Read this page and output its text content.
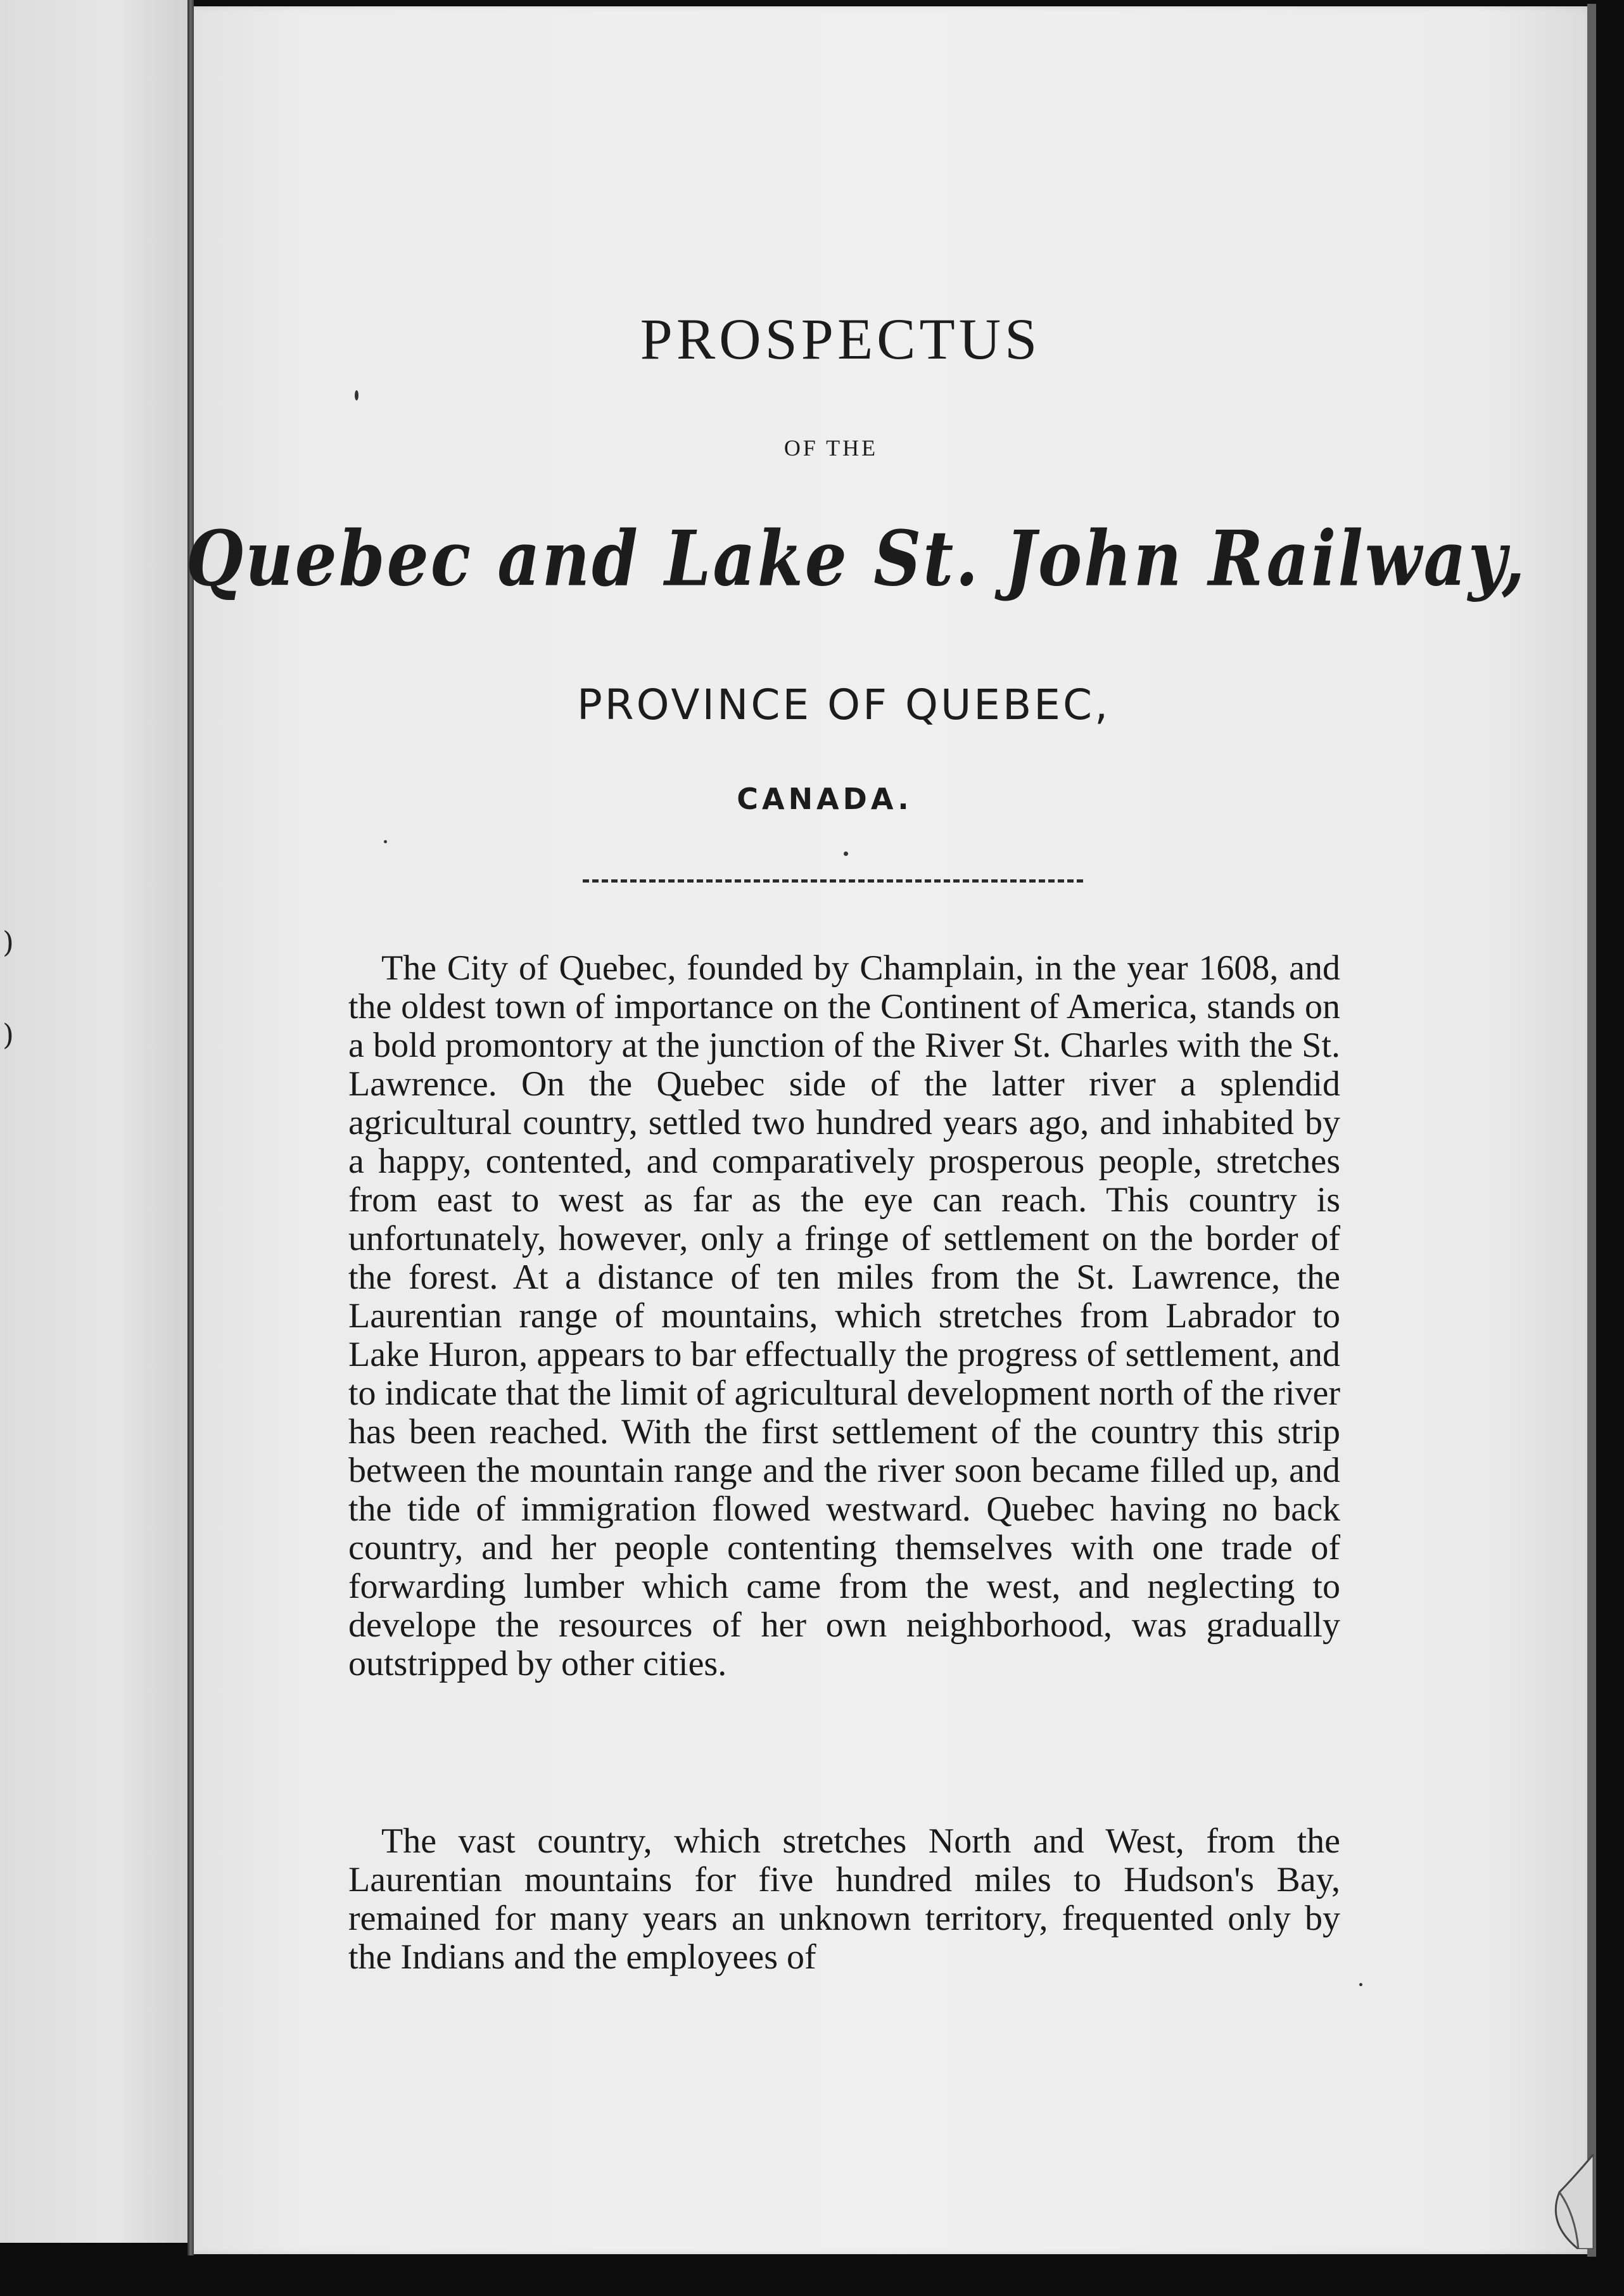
)
)
PROSPECTUS
OF THE
Quebec and Lake St. John Railway,
PROVINCE OF QUEBEC,
CANADA.

The City of Quebec, founded by Champlain, in the year 1608, and the oldest town of importance on the Continent of America, stands on a bold promontory at the junction of the River St. Charles with the St. Lawrence. On the Quebec side of the latter river a splendid agricultural country, settled two hundred years ago, and inhabited by a happy, contented, and comparatively prosperous people, stretches from east to west as far as the eye can reach. This country is unfortunately, however, only a fringe of settlement on the border of the forest. At a distance of ten miles from the St. Lawrence, the Laurentian range of mountains, which stretches from Labrador to Lake Huron, appears to bar effectually the progress of settlement, and to indicate that the limit of agricultural development north of the river has been reached. With the first settlement of the country this strip between the mountain range and the river soon became filled up, and the tide of immigration flowed westward. Quebec having no back country, and her people contenting themselves with one trade of forwarding lumber which came from the west, and neglecting to develope the resources of her own neighborhood, was gradually outstripped by other cities.

The vast country, which stretches North and West, from the Laurentian mountains for five hundred miles to Hudson's Bay, remained for many years an unknown territory, frequented only by the Indians and the employees of
